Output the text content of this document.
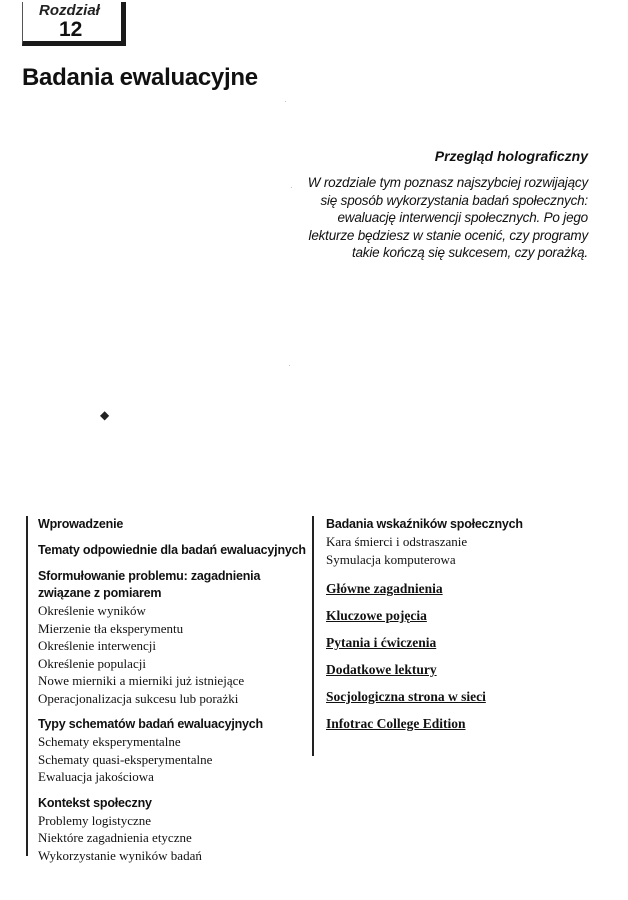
Rozdział
12
Badania ewaluacyjne
Przegląd holograficzny

W rozdziale tym poznasz najszybciej rozwijający

się sposób wykorzystania badań społecznych:

ewaluację interwencji społecznych. Po jego

lekturze będziesz w stanie ocenić, czy programy

takie kończą się sukcesem, czy porażką.

·
·
·
◆

Wprowadzenie

Tematy odpowiednie dla badań ewaluacyjnych

Sformułowanie problemu: zagadnienia

związane z pomiarem

Określenie wyników

Mierzenie tła eksperymentu

Określenie interwencji

Określenie populacji

Nowe mierniki a mierniki już istniejące

Operacjonalizacja sukcesu lub porażki

Typy schematów badań ewaluacyjnych

Schematy eksperymentalne

Schematy quasi-eksperymentalne

Ewaluacja jakościowa

Kontekst społeczny

Problemy logistyczne

Niektóre zagadnienia etyczne

Wykorzystanie wyników badań

Badania wskaźników społecznych

Kara śmierci i odstraszanie

Symulacja komputerowa

Główne zagadnienia
Kluczowe pojęcia
Pytania i ćwiczenia
Dodatkowe lektury
Socjologiczna strona w sieci
Infotrac College Edition
